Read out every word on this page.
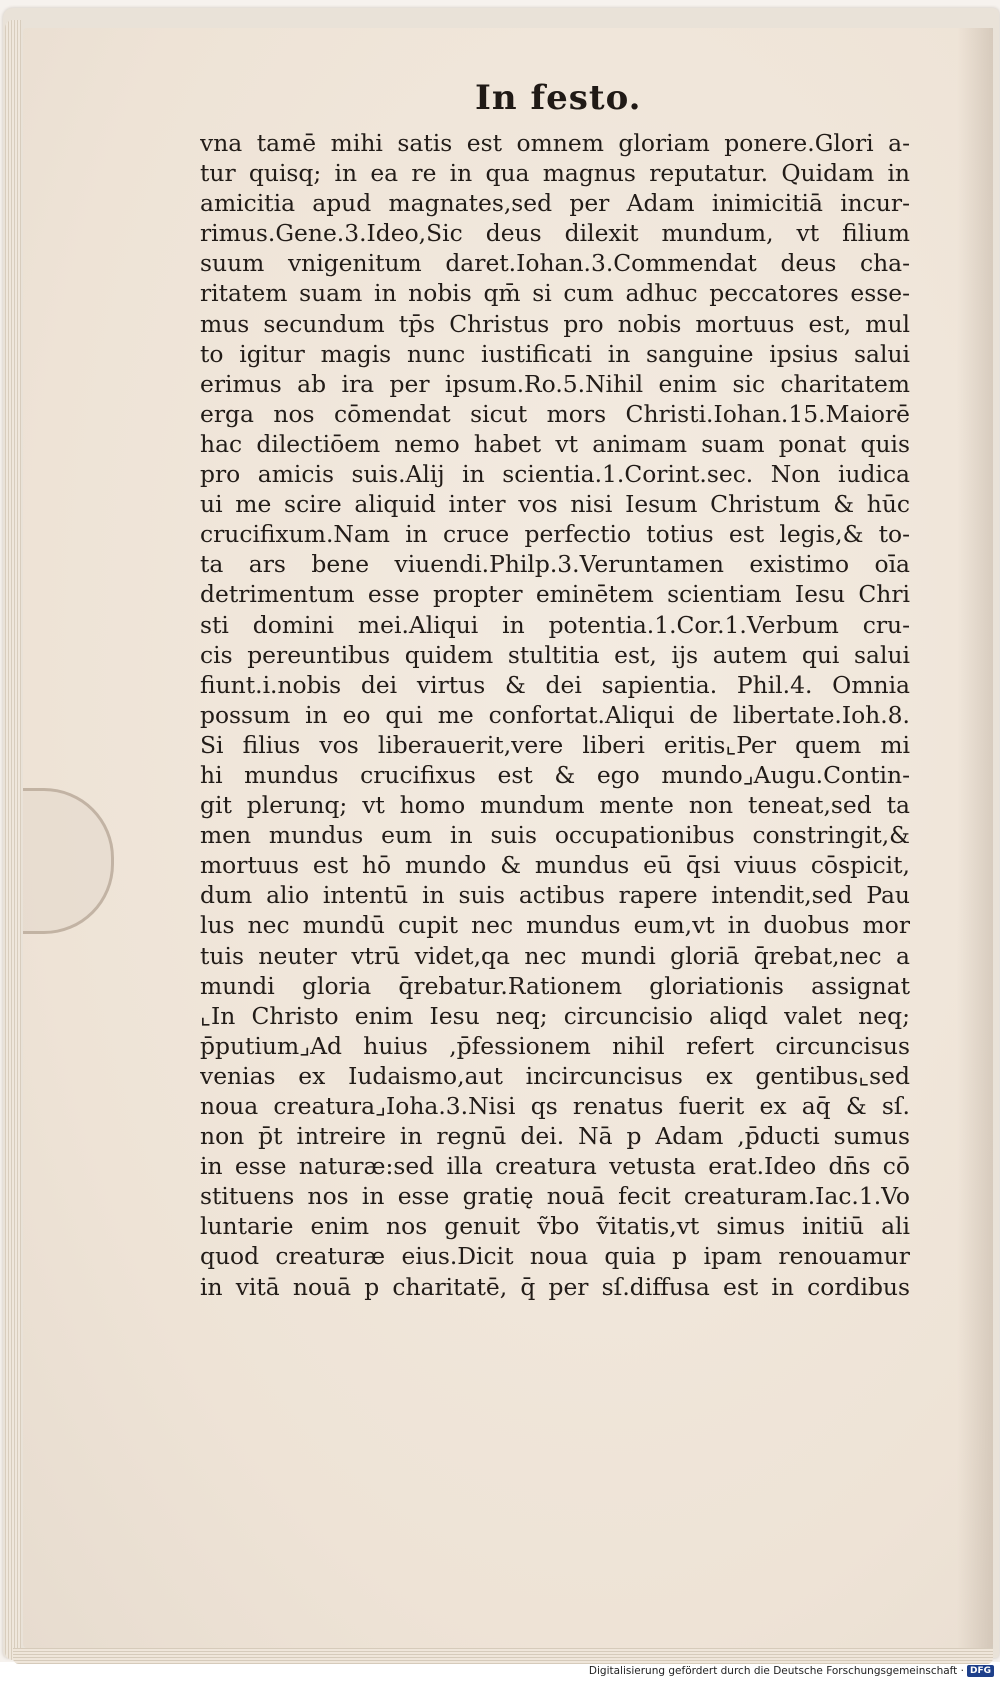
In festo.
vna tamē mihi satis est omnem gloriam ponere.Glori a-
tur quisq; in ea re in qua magnus reputatur. Quidam in
amicitia apud magnates,sed per Adam inimicitiā incur-
rimus.Gene.3.Ideo,Sic deus dilexit mundum, vt filium
suum vnigenitum daret.Iohan.3.Commendat deus cha-
ritatem suam in nobis qm̄ si cum adhuc peccatores esse-
mus secundum tp̄s Christus pro nobis mortuus est, mul
to igitur magis nunc iustificati in sanguine ipsius salui
erimus ab ira per ipsum.Ro.5.Nihil enim sic charitatem
erga nos cōmendat sicut mors Christi.Iohan.15.Maiorē
hac dilectiōem nemo habet vt animam suam ponat quis
pro amicis suis.Alij in scientia.1.Corint.sec. Non iudica
ui me scire aliquid inter vos nisi Iesum Christum & hūc
crucifixum.Nam in cruce perfectio totius est legis,& to-
ta ars bene viuendi.Philp.3.Veruntamen existimo oīa
detrimentum esse propter eminētem scientiam Iesu Chri
sti domini mei.Aliqui in potentia.1.Cor.1.Verbum cru-
cis pereuntibus quidem stultitia est, ijs autem qui salui
fiunt.i.nobis dei virtus & dei sapientia. Phil.4. Omnia
possum in eo qui me confortat.Aliqui de libertate.Ioh.8.
Si filius vos liberauerit,vere liberi eritis⌞Per quem mi
hi mundus crucifixus est & ego mundo⌟Augu.Contin-
git plerunq; vt homo mundum mente non teneat,sed ta
men mundus eum in suis occupationibus constringit,&
mortuus est hō mundo & mundus eū q̄si viuus cōspicit,
dum alio intentū in suis actibus rapere intendit,sed Pau
lus nec mundū cupit nec mundus eum,vt in duobus mor
tuis neuter vtrū videt,qa nec mundi gloriā q̄rebat,nec a
mundi gloria q̄rebatur.Rationem gloriationis assignat
⌞In Christo enim Iesu neq; circuncisio aliqd valet neq;
p̄putium⌟Ad huius ,p̄fessionem nihil refert circuncisus
venias ex Iudaismo,aut incircuncisus ex gentibus⌞sed
noua creatura⌟Ioha.3.Nisi qs renatus fuerit ex aq̄ & sſ.
non p̄t intreire in regnū dei. Nā p Adam ,p̄ducti sumus
in esse naturæ:sed illa creatura vetusta erat.Ideo dn̄s cō
stituens nos in esse gratię nouā fecit creaturam.Iac.1.Vo
luntarie enim nos genuit ṽbo ṽitatis,vt simus initiū ali
quod creaturæ eius.Dicit noua quia p ipam renouamur
in vitā nouā p charitatē, q̄ per sſ.diffusa est in cordibus
Digitalisierung gefördert durch die Deutsche Forschungsgemeinschaft · DFG
